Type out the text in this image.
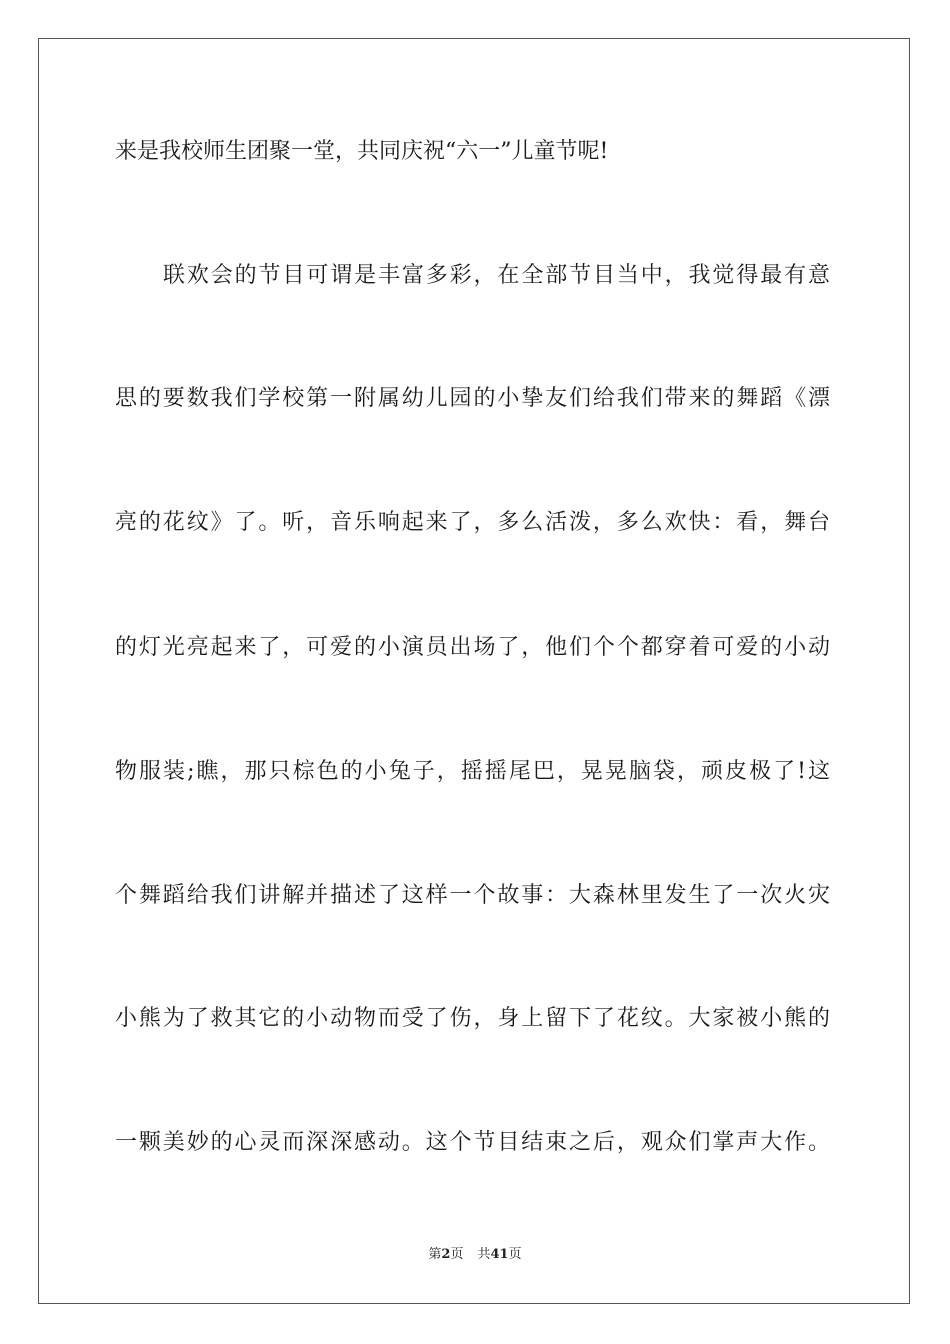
来是我校师生团聚一堂，共同庆祝“六一”儿童节呢!
联欢会的节目可谓是丰富多彩，在全部节目当中，我觉得最有意
思的要数我们学校第一附属幼儿园的小挚友们给我们带来的舞蹈《漂
亮的花纹》了。听，音乐响起来了，多么活泼，多么欢快：看，舞台
的灯光亮起来了，可爱的小演员出场了，他们个个都穿着可爱的小动
物服装;瞧，那只棕色的小兔子，摇摇尾巴，晃晃脑袋，顽皮极了!这
个舞蹈给我们讲解并描述了这样一个故事：大森林里发生了一次火灾
小熊为了救其它的小动物而受了伤，身上留下了花纹。大家被小熊的
一颗美妙的心灵而深深感动。这个节目结束之后，观众们掌声大作。
第2页 共41页
